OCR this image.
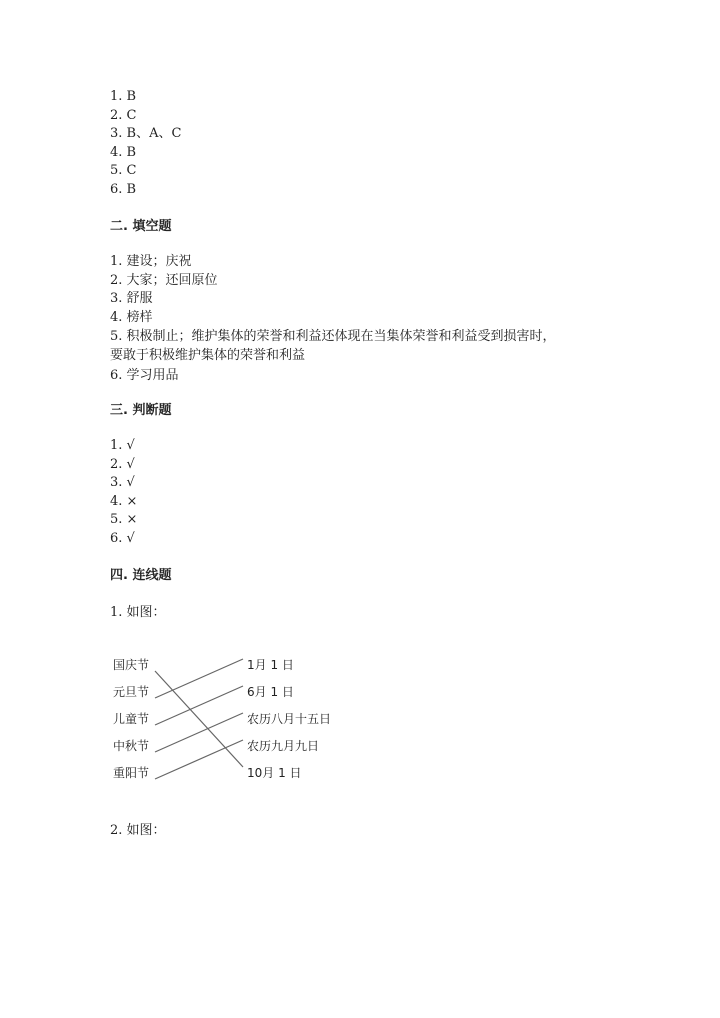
1. B
2. C
3. B、A、C
4. B
5. C
6. B
二. 填空题
1. 建设；庆祝
2. 大家；还回原位
3. 舒服
4. 榜样
5. 积极制止；维护集体的荣誉和利益还体现在当集体荣誉和利益受到损害时，
要敢于积极维护集体的荣誉和利益
6. 学习用品
三. 判断题
1. √
2. √
3. √
4. ×
5. ×
6. √
四. 连线题
1. 如图：
国庆节
元旦节
儿童节
中秋节
重阳节
1月 1 日
6月 1 日
农历八月十五日
农历九月九日
10月 1 日
2. 如图：
